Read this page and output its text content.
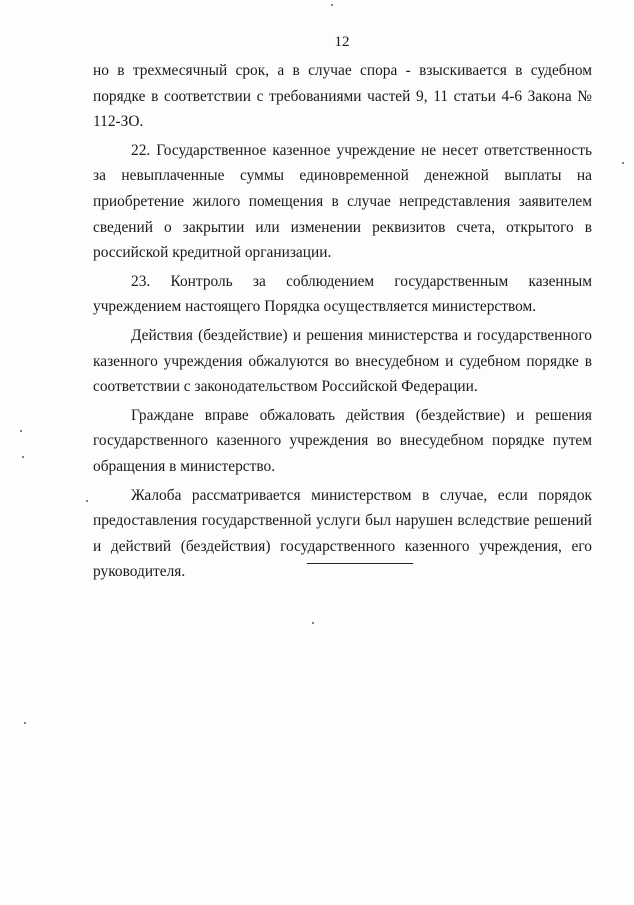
12

но в трехмесячный срок, а в случае спора - взыскивается в судебном порядке в соответствии с требованиями частей 9, 11 статьи 4-6 Закона № 112-ЗО.

22. Государственное казенное учреждение не несет ответственность за невыплаченные суммы единовременной денежной выплаты на приобретение жилого помещения в случае непредставления заявителем сведений о закрытии или изменении реквизитов счета, открытого в российской кредитной организации.

23. Контроль за соблюдением государственным казенным учреждением настоящего Порядка осуществляется министерством.

Действия (бездействие) и решения министерства и государственного казенного учреждения обжалуются во внесудебном и судебном порядке в соответствии с законодательством Российской Федерации.

Граждане вправе обжаловать действия (бездействие) и решения государственного казенного учреждения во внесудебном порядке путем обращения в министерство.

Жалоба рассматривается министерством в случае, если порядок предоставления государственной услуги был нарушен вследствие решений и действий (бездействия) государственного казенного учреждения, его руководителя.
